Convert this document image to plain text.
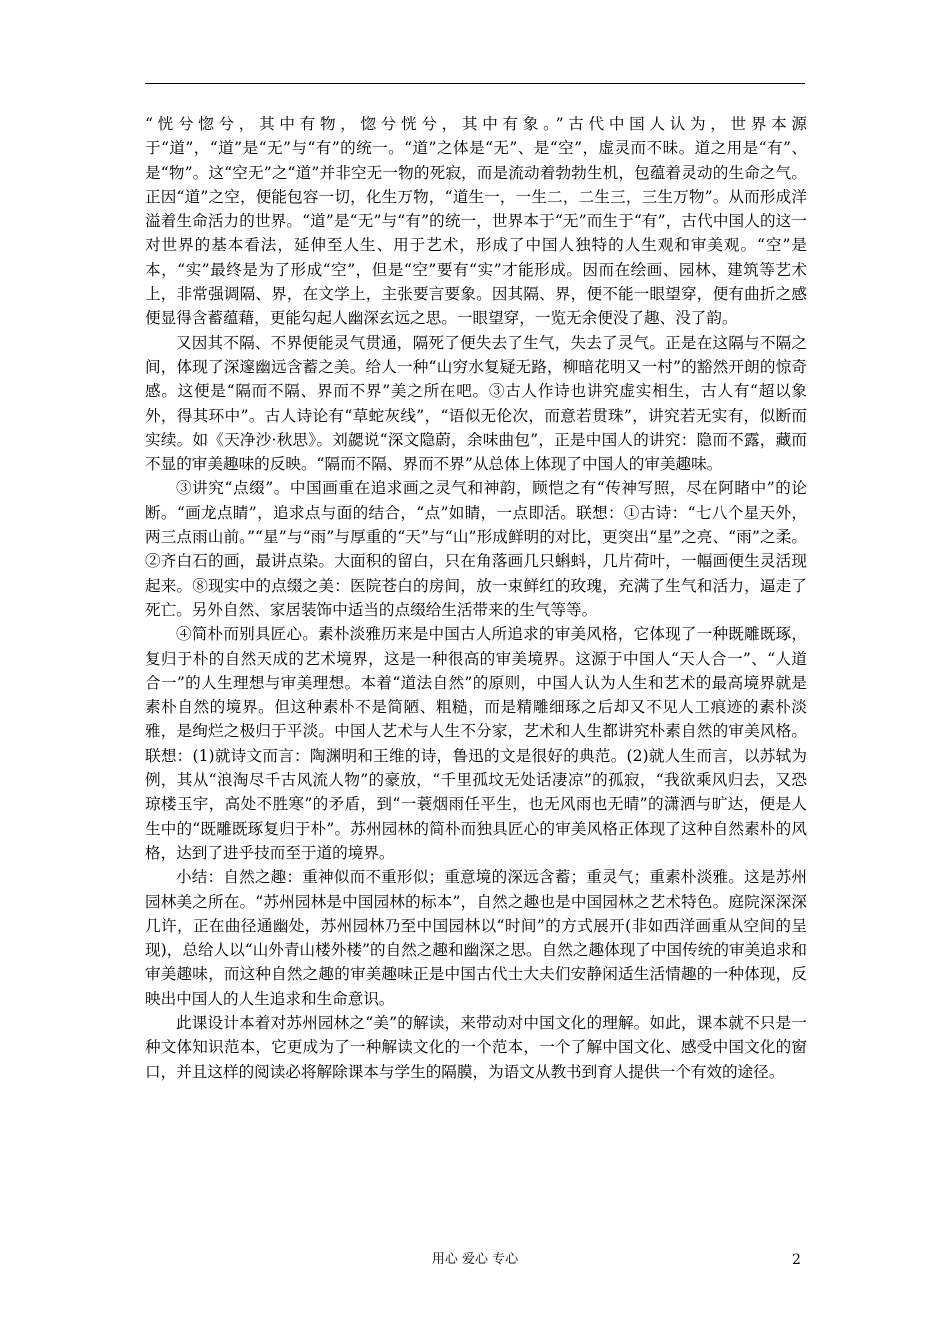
“恍兮惚兮，其中有物，惚兮恍兮，其中有象。”古代中国人认为，世界本源于“道”，“道”是“无”与“有”的统一。“道”之体是“无”、是“空”，虚灵而不昧。道之用是“有”、是“物”。这“空无”之“道”并非空无一物的死寂，而是流动着勃勃生机，包蕴着灵动的生命之气。正因“道”之空，便能包容一切，化生万物，“道生一，一生二，二生三，三生万物”。从而形成洋溢着生命活力的世界。“道”是“无”与“有”的统一，世界本于“无”而生于“有”，古代中国人的这一对世界的基本看法，延伸至人生、用于艺术，形成了中国人独特的人生观和审美观。“空”是本，“实”最终是为了形成“空”，但是“空”要有“实”才能形成。因而在绘画、园林、建筑等艺术上，非常强调隔、界，在文学上，主张要言要象。因其隔、界，便不能一眼望穿，便有曲折之感便显得含蓄蕴藉，更能勾起人幽深玄远之思。一眼望穿，一览无余便没了趣、没了韵。

又因其不隔、不界便能灵气贯通，隔死了便失去了生气，失去了灵气。正是在这隔与不隔之间，体现了深邃幽远含蓄之美。给人一种“山穷水复疑无路，柳暗花明又一村”的豁然开朗的惊奇感。这便是“隔而不隔、界而不界”美之所在吧。③古人作诗也讲究虚实相生，古人有“超以象外，得其环中”。古人诗论有“草蛇灰线”，“语似无伦次，而意若贯珠”，讲究若无实有，似断而实续。如《天净沙·秋思》。刘勰说“深文隐蔚，余味曲包”，正是中国人的讲究：隐而不露，藏而不显的审美趣味的反映。“隔而不隔、界而不界”从总体上体现了中国人的审美趣味。

③讲究“点缀”。中国画重在追求画之灵气和神韵，顾恺之有“传神写照，尽在阿睹中”的论断。“画龙点睛”，追求点与面的结合，“点”如睛，一点即活。联想：①古诗：“七八个星天外，两三点雨山前。”“星”与“雨”与厚重的“天”与“山”形成鲜明的对比，更突出“星”之亮、“雨”之柔。②齐白石的画，最讲点染。大面积的留白，只在角落画几只蝌蚪，几片荷叶，一幅画便生灵活现起来。⑧现实中的点缀之美：医院苍白的房间，放一束鲜红的玫瑰，充满了生气和活力，逼走了死亡。另外自然、家居装饰中适当的点缀给生活带来的生气等等。

④简朴而别具匠心。素朴淡雅历来是中国古人所追求的审美风格，它体现了一种既雕既琢，复归于朴的自然天成的艺术境界，这是一种很高的审美境界。这源于中国人“天人合一”、“人道合一”的人生理想与审美理想。本着“道法自然”的原则，中国人认为人生和艺术的最高境界就是素朴自然的境界。但这种素朴不是简陋、粗糙，而是精雕细琢之后却又不见人工痕迹的素朴淡雅，是绚烂之极归于平淡。中国人艺术与人生不分家，艺术和人生都讲究朴素自然的审美风格。联想：(1)就诗文而言：陶渊明和王维的诗，鲁迅的文是很好的典范。(2)就人生而言，以苏轼为例，其从“浪淘尽千古风流人物”的豪放，“千里孤坟无处话凄凉”的孤寂，“我欲乘风归去，又恐琼楼玉宇，高处不胜寒”的矛盾，到“一蓑烟雨任平生，也无风雨也无晴”的潇洒与旷达，便是人生中的“既雕既琢复归于朴”。苏州园林的简朴而独具匠心的审美风格正体现了这种自然素朴的风格，达到了进乎技而至于道的境界。

小结：自然之趣：重神似而不重形似；重意境的深远含蓄；重灵气；重素朴淡雅。这是苏州园林美之所在。“苏州园林是中国园林的标本”，自然之趣也是中国园林之艺术特色。庭院深深深几许，正在曲径通幽处，苏州园林乃至中国园林以“时间”的方式展开(非如西洋画重从空间的呈现)，总给人以“山外青山楼外楼”的自然之趣和幽深之思。自然之趣体现了中国传统的审美追求和审美趣味，而这种自然之趣的审美趣味正是中国古代士大夫们安静闲适生活情趣的一种体现，反映出中国人的人生追求和生命意识。

此课设计本着对苏州园林之“美”的解读，来带动对中国文化的理解。如此，课本就不只是一种文体知识范本，它更成为了一种解读文化的一个范本，一个了解中国文化、感受中国文化的窗口，并且这样的阅读必将解除课本与学生的隔膜，为语文从教书到育人提供一个有效的途径。

用心 爱心 专心	2
